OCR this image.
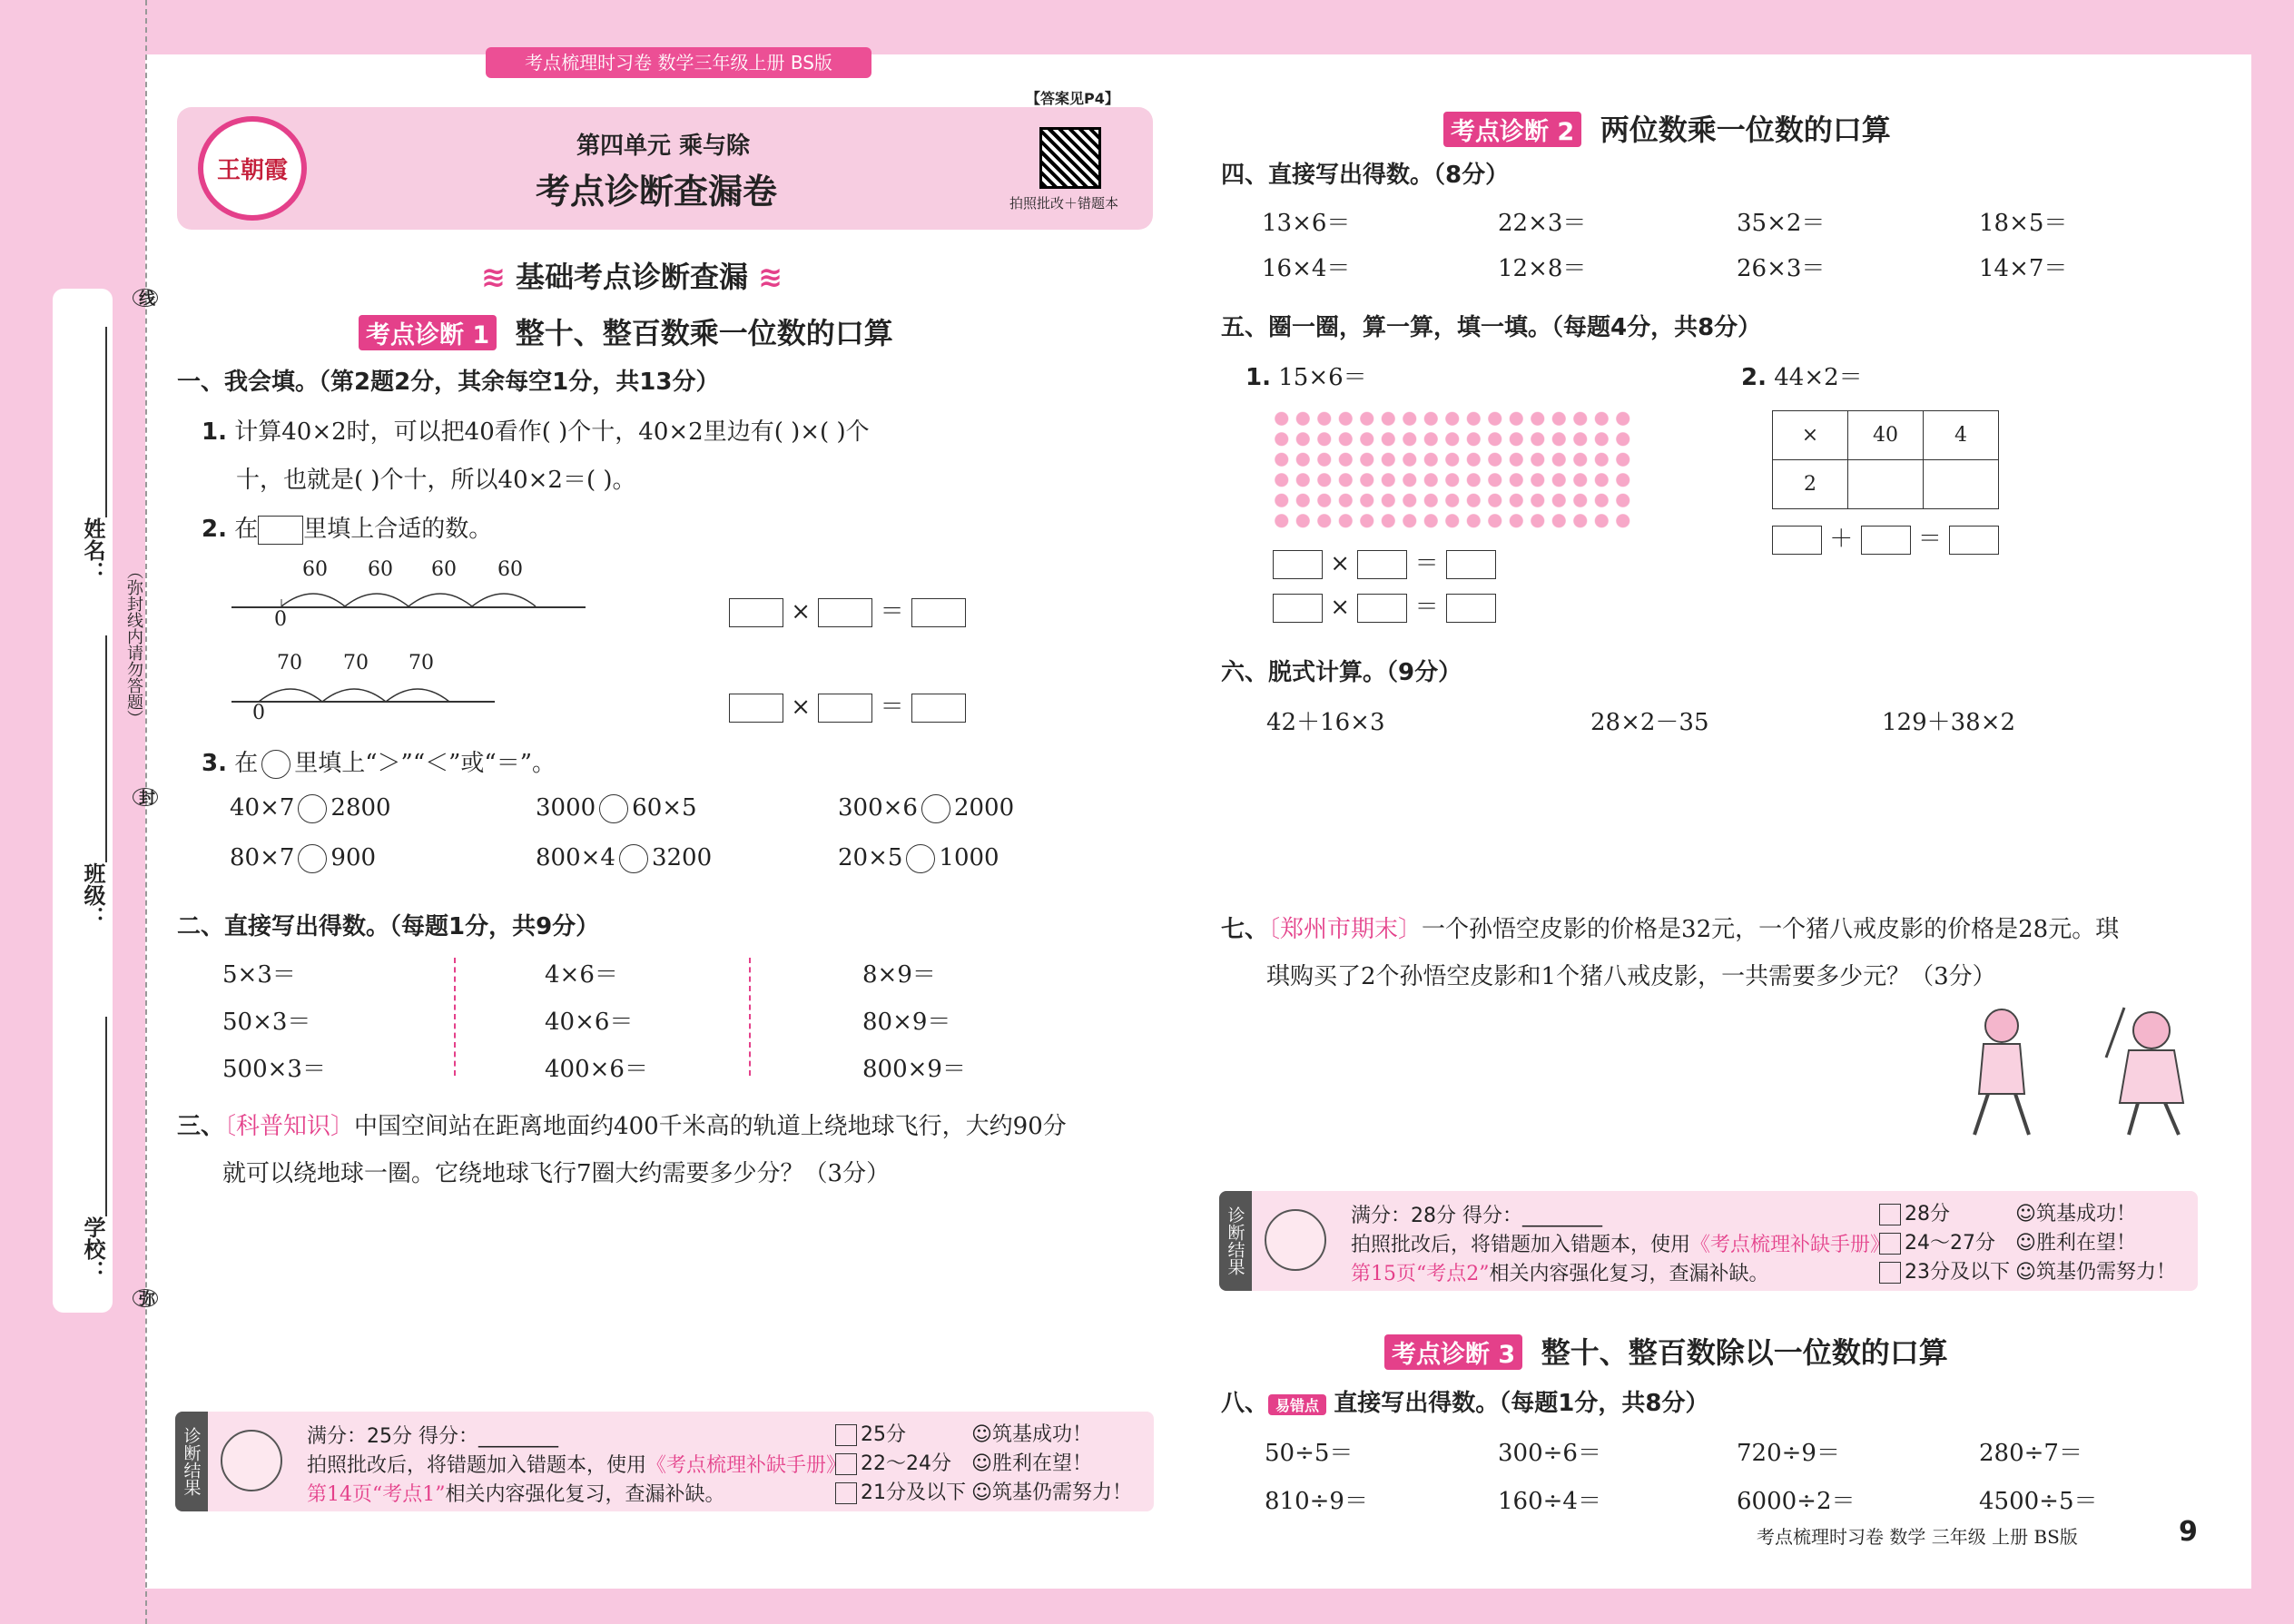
姓名：
班级：
学校：
（弥封线内请勿答题）
线
封
弥
考点梳理时习卷 数学三年级上册 BS版
【答案见P4】
王朝霞
第四单元 乘与除
考点诊断查漏卷	拍照批改＋错题本
≋ 基础考点诊断查漏 ≋
考点诊断 1 整十、整百数乘一位数的口算
一、我会填。（第2题2分，其余每空1分，共13分）
1. 计算40×2时，可以把40看作( )个十，40×2里边有( )×( )个
十，也就是( )个十，所以40×2＝( )。
2. 在 里填上合适的数。
60 60 60 60
0	×	＝
70 70 70
0	×	＝
3. 在 里填上“＞”“＜”或“＝”。
40×7 2800	3000 60×5	300×6 2000
80×7 900	800×4 3200	20×5 1000
二、直接写出得数。（每题1分，共9分）
5×3＝	4×6＝	8×9＝
50×3＝	40×6＝	80×9＝
500×3＝	400×6＝	800×9＝
三、〔科普知识〕中国空间站在距离地面约400千米高的轨道上绕地球飞行，大约90分
就可以绕地球一圈。它绕地球飞行7圈大约需要多少分？（3分）
诊断结果	满分：25分 得分：________
拍照批改后，将错题加入错题本，使用《考点梳理补缺手册》
第14页“考点1”相关内容强化复习，查漏补缺。
25分
22～24分
21分及以下
☺筑基成功！
☺胜利在望！
☺筑基仍需努力！
考点诊断 2 两位数乘一位数的口算
四、直接写出得数。（8分）
13×6＝	22×3＝	35×2＝	18×5＝
16×4＝	12×8＝	26×3＝	14×7＝
五、圈一圈，算一算，填一填。（每题4分，共8分）
1. 15×6＝	2. 44×2＝
×	＝
×	＝
×	40	4
2		
＋	＝
六、脱式计算。（9分）
42＋16×3	28×2－35	129＋38×2
七、〔郑州市期末〕一个孙悟空皮影的价格是32元，一个猪八戒皮影的价格是28元。琪
琪购买了2个孙悟空皮影和1个猪八戒皮影，一共需要多少元？（3分）
诊断结果	满分：28分 得分：________
拍照批改后，将错题加入错题本，使用《考点梳理补缺手册》
第15页“考点2”相关内容强化复习，查漏补缺。
28分
24～27分
23分及以下
☺筑基成功！
☺胜利在望！
☺筑基仍需努力！
考点诊断 3 整十、整百数除以一位数的口算
八、 易错点 直接写出得数。（每题1分，共8分）
50÷5＝	300÷6＝	720÷9＝	280÷7＝
810÷9＝	160÷4＝	6000÷2＝	4500÷5＝
考点梳理时习卷 数学 三年级 上册 BS版	9
